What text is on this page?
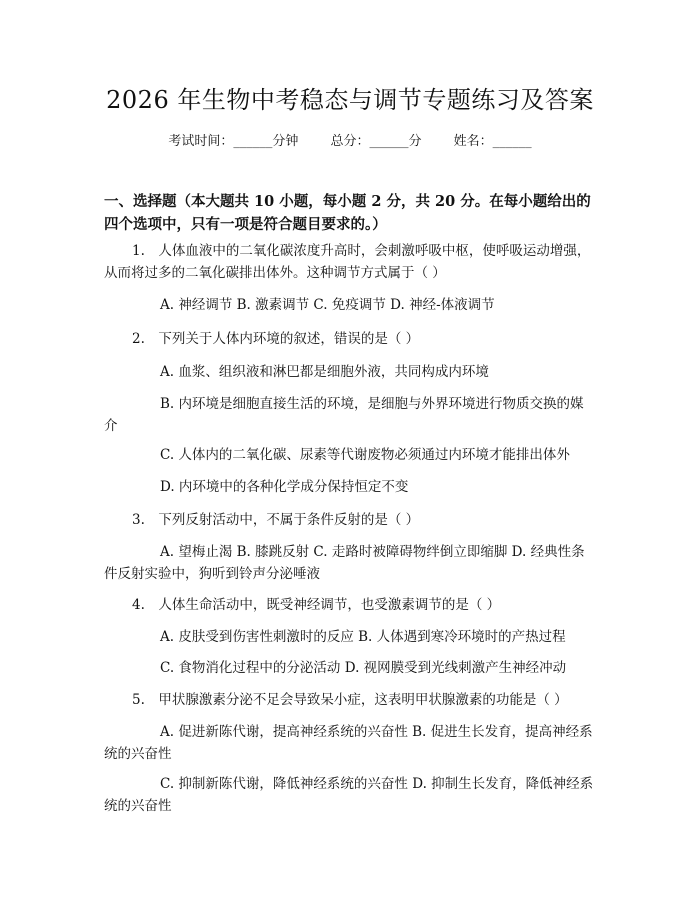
2026 年生物中考稳态与调节专题练习及答案
考试时间：______分钟 总分：______分 姓名：______
一、选择题（本大题共 10 小题，每小题 2 分，共 20 分。在每小题给出的四个选项中，只有一项是符合题目要求的。）
1.　人体血液中的二氧化碳浓度升高时，会刺激呼吸中枢，使呼吸运动增强，从而将过多的二氧化碳排出体外。这种调节方式属于（ ）
A. 神经调节 B. 激素调节 C. 免疫调节 D. 神经-体液调节
2.　下列关于人体内环境的叙述，错误的是（ ）
A. 血浆、组织液和淋巴都是细胞外液，共同构成内环境
B. 内环境是细胞直接生活的环境，是细胞与外界环境进行物质交换的媒介
C. 人体内的二氧化碳、尿素等代谢废物必须通过内环境才能排出体外
D. 内环境中的各种化学成分保持恒定不变
3.　下列反射活动中，不属于条件反射的是（ ）
A. 望梅止渴 B. 膝跳反射 C. 走路时被障碍物绊倒立即缩脚 D. 经典性条件反射实验中，狗听到铃声分泌唾液
4.　人体生命活动中，既受神经调节，也受激素调节的是（ ）
A. 皮肤受到伤害性刺激时的反应 B. 人体遇到寒冷环境时的产热过程
C. 食物消化过程中的分泌活动 D. 视网膜受到光线刺激产生神经冲动
5.　甲状腺激素分泌不足会导致呆小症，这表明甲状腺激素的功能是（ ）
A. 促进新陈代谢，提高神经系统的兴奋性 B. 促进生长发育，提高神经系统的兴奋性
C. 抑制新陈代谢，降低神经系统的兴奋性 D. 抑制生长发育，降低神经系统的兴奋性
